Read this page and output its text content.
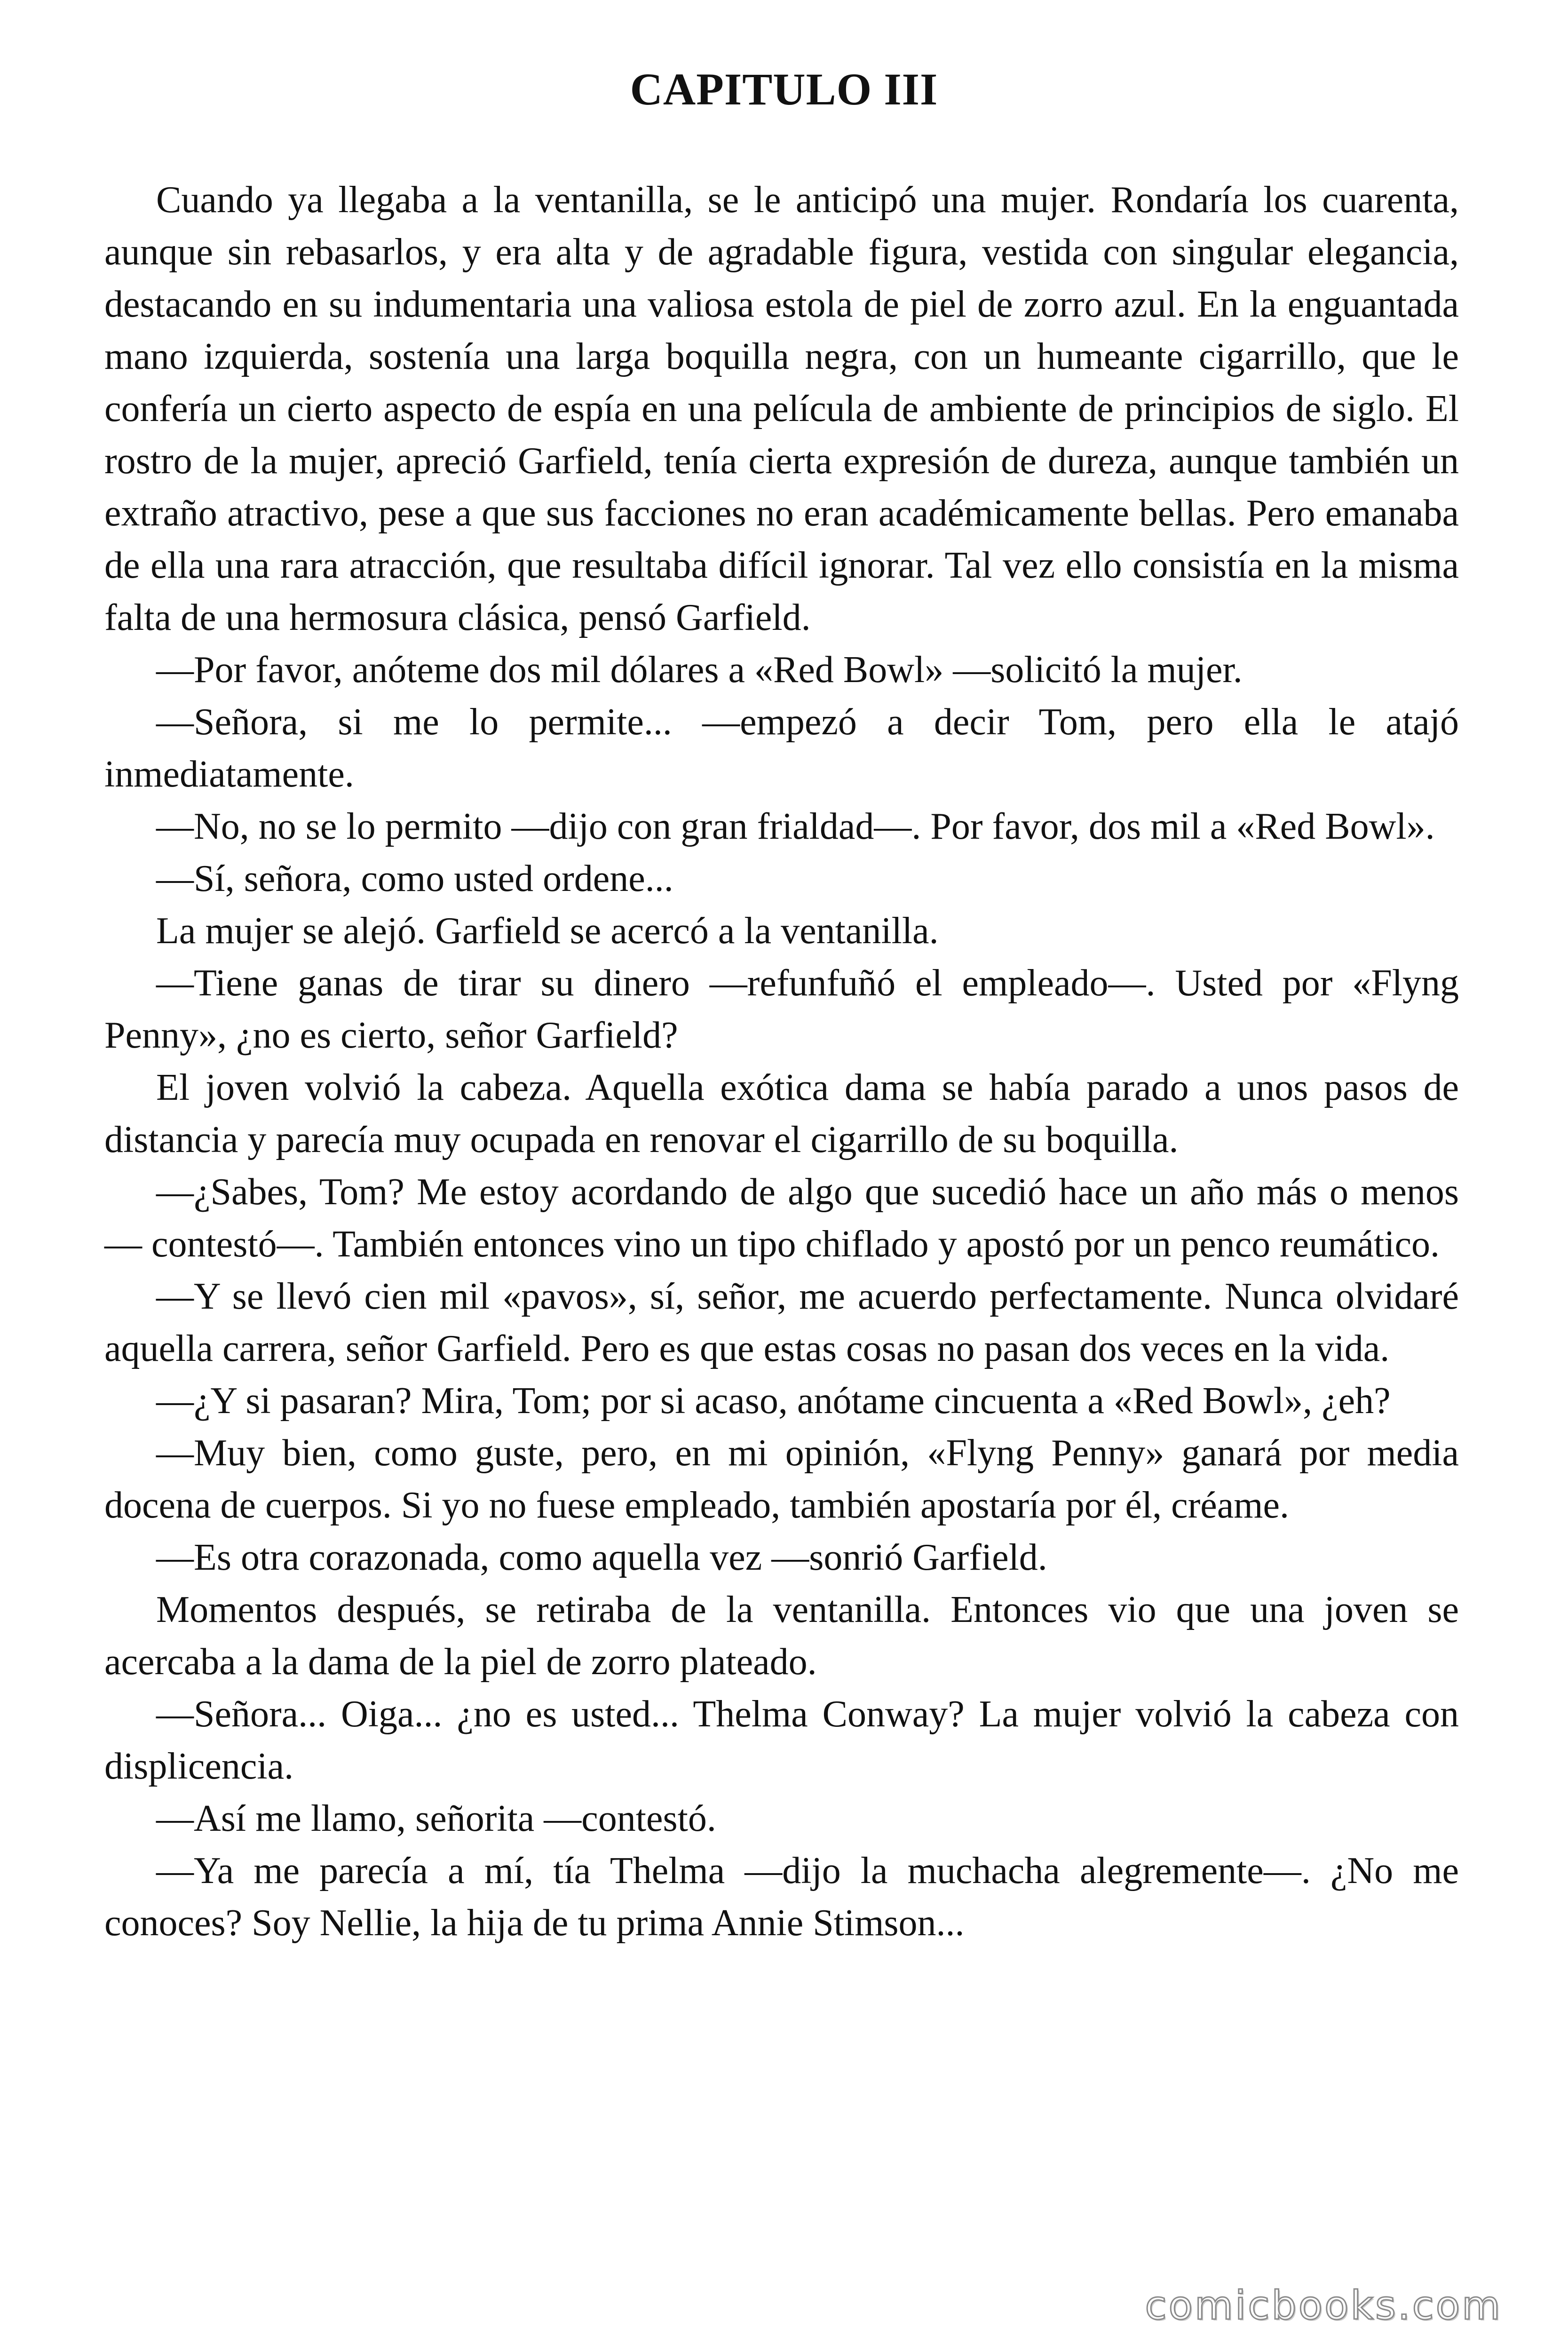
CAPITULO III

Cuando ya llegaba a la ventanilla, se le anticipó una mujer. Rondaría los cuarenta, aunque sin rebasarlos, y era alta y de agradable figura, vestida con singular elegancia, destacando en su indumentaria una valiosa estola de piel de zorro azul. En la enguantada mano izquierda, sostenía una larga boquilla negra, con un humeante cigarrillo, que le confería un cierto aspecto de espía en una película de ambiente de principios de siglo. El rostro de la mujer, apreció Garfield, tenía cierta expresión de dureza, aunque también un extraño atractivo, pese a que sus facciones no eran académicamente bellas. Pero emanaba de ella una rara atracción, que resultaba difícil ignorar. Tal vez ello consistía en la misma falta de una hermosura clásica, pensó Garfield.

—Por favor, anóteme dos mil dólares a «Red Bowl» —solicitó la mujer.

—Señora, si me lo permite... —empezó a decir Tom, pero ella le atajó inmediatamente.

—No, no se lo permito —dijo con gran frialdad—. Por favor, dos mil a «Red Bowl».

—Sí, señora, como usted ordene...

La mujer se alejó. Garfield se acercó a la ventanilla.

—Tiene ganas de tirar su dinero —refunfuñó el empleado—. Usted por «Flyng Penny», ¿no es cierto, señor Garfield?

El joven volvió la cabeza. Aquella exótica dama se había parado a unos pasos de distancia y parecía muy ocupada en renovar el cigarrillo de su boquilla.

—¿Sabes, Tom? Me estoy acordando de algo que sucedió hace un año más o menos — contestó—. También entonces vino un tipo chiflado y apostó por un penco reumático.

—Y se llevó cien mil «pavos», sí, señor, me acuerdo perfectamente. Nunca olvidaré aquella carrera, señor Garfield. Pero es que estas cosas no pasan dos veces en la vida.

—¿Y si pasaran? Mira, Tom; por si acaso, anótame cincuenta a «Red Bowl», ¿eh?

—Muy bien, como guste, pero, en mi opinión, «Flyng Penny» ganará por media docena de cuerpos. Si yo no fuese empleado, también apostaría por él, créame.

—Es otra corazonada, como aquella vez —sonrió Garfield.

Momentos después, se retiraba de la ventanilla. Entonces vio que una joven se acercaba a la dama de la piel de zorro plateado.

—Señora... Oiga... ¿no es usted... Thelma Conway? La mujer volvió la cabeza con displicencia.

—Así me llamo, señorita —contestó.

—Ya me parecía a mí, tía Thelma —dijo la muchacha alegremente—. ¿No me conoces? Soy Nellie, la hija de tu prima Annie Stimson...

comicbooks.com
